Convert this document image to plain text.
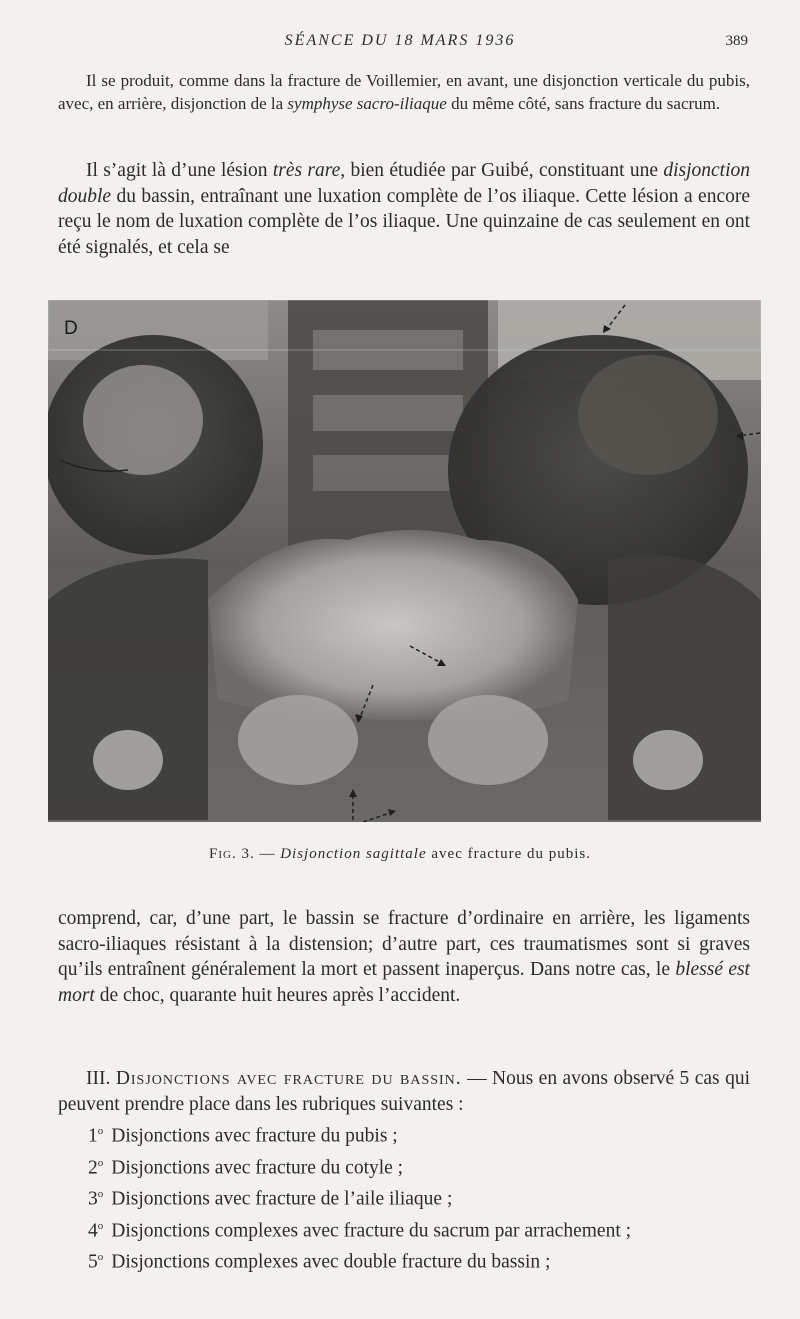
SÉANCE DU 18 MARS 1936	389

Il se produit, comme dans la fracture de Voillemier, en avant, une disjonction verticale du pubis, avec, en arrière, disjonction de la symphyse sacro-iliaque du même côté, sans fracture du sacrum.

Il s’agit là d’une lésion très rare, bien étudiée par Guibé, constituant une disjonction double du bassin, entraînant une luxation complète de l’os iliaque. Cette lésion a encore reçu le nom de luxation complète de l’os iliaque. Une quinzaine de cas seulement en ont été signalés, et cela se

D
Fig. 3. — Disjonction sagittale avec fracture du pubis.

comprend, car, d’une part, le bassin se fracture d’ordinaire en arrière, les ligaments sacro-iliaques résistant à la distension; d’autre part, ces traumatismes sont si graves qu’ils entraînent généralement la mort et passent inaperçus. Dans notre cas, le blessé est mort de choc, quarante huit heures après l’accident.

III. Disjonctions avec fracture du bassin. — Nous en avons observé 5 cas qui peuvent prendre place dans les rubriques suivantes :

1$^o$ Disjonctions avec fracture du pubis ;
2$^o$ Disjonctions avec fracture du cotyle ;
3$^o$ Disjonctions avec fracture de l’aile iliaque ;
4$^o$ Disjonctions complexes avec fracture du sacrum par arrachement ;
5$^o$ Disjonctions complexes avec double fracture du bassin ;
